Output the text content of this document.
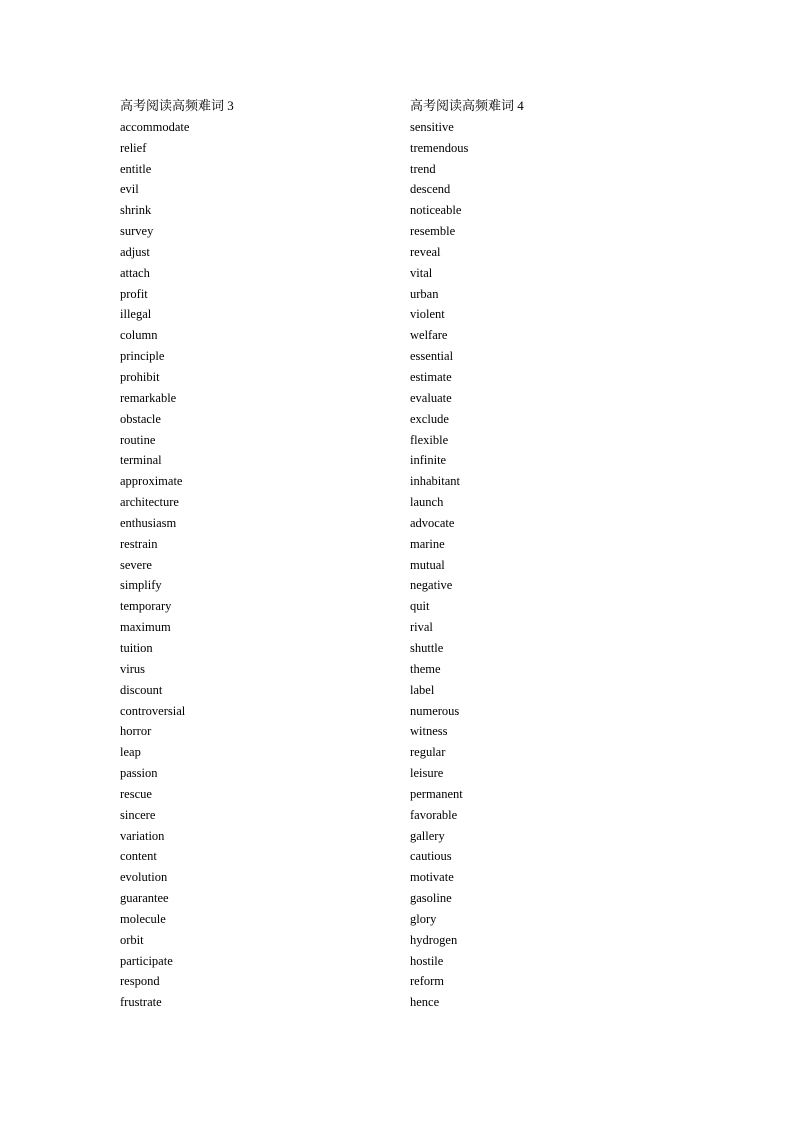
高考阅读高频难词 3
accommodate
relief
entitle
evil
shrink
survey
adjust
attach
profit
illegal
column
principle
prohibit
remarkable
obstacle
routine
terminal
approximate
architecture
enthusiasm
restrain
severe
simplify
temporary
maximum
tuition
virus
discount
controversial
horror
leap
passion
rescue
sincere
variation
content
evolution
guarantee
molecule
orbit
participate
respond
frustrate
高考阅读高频难词 4
sensitive
tremendous
trend
descend
noticeable
resemble
reveal
vital
urban
violent
welfare
essential
estimate
evaluate
exclude
flexible
infinite
inhabitant
launch
advocate
marine
mutual
negative
quit
rival
shuttle
theme
label
numerous
witness
regular
leisure
permanent
favorable
gallery
cautious
motivate
gasoline
glory
hydrogen
hostile
reform
hence
